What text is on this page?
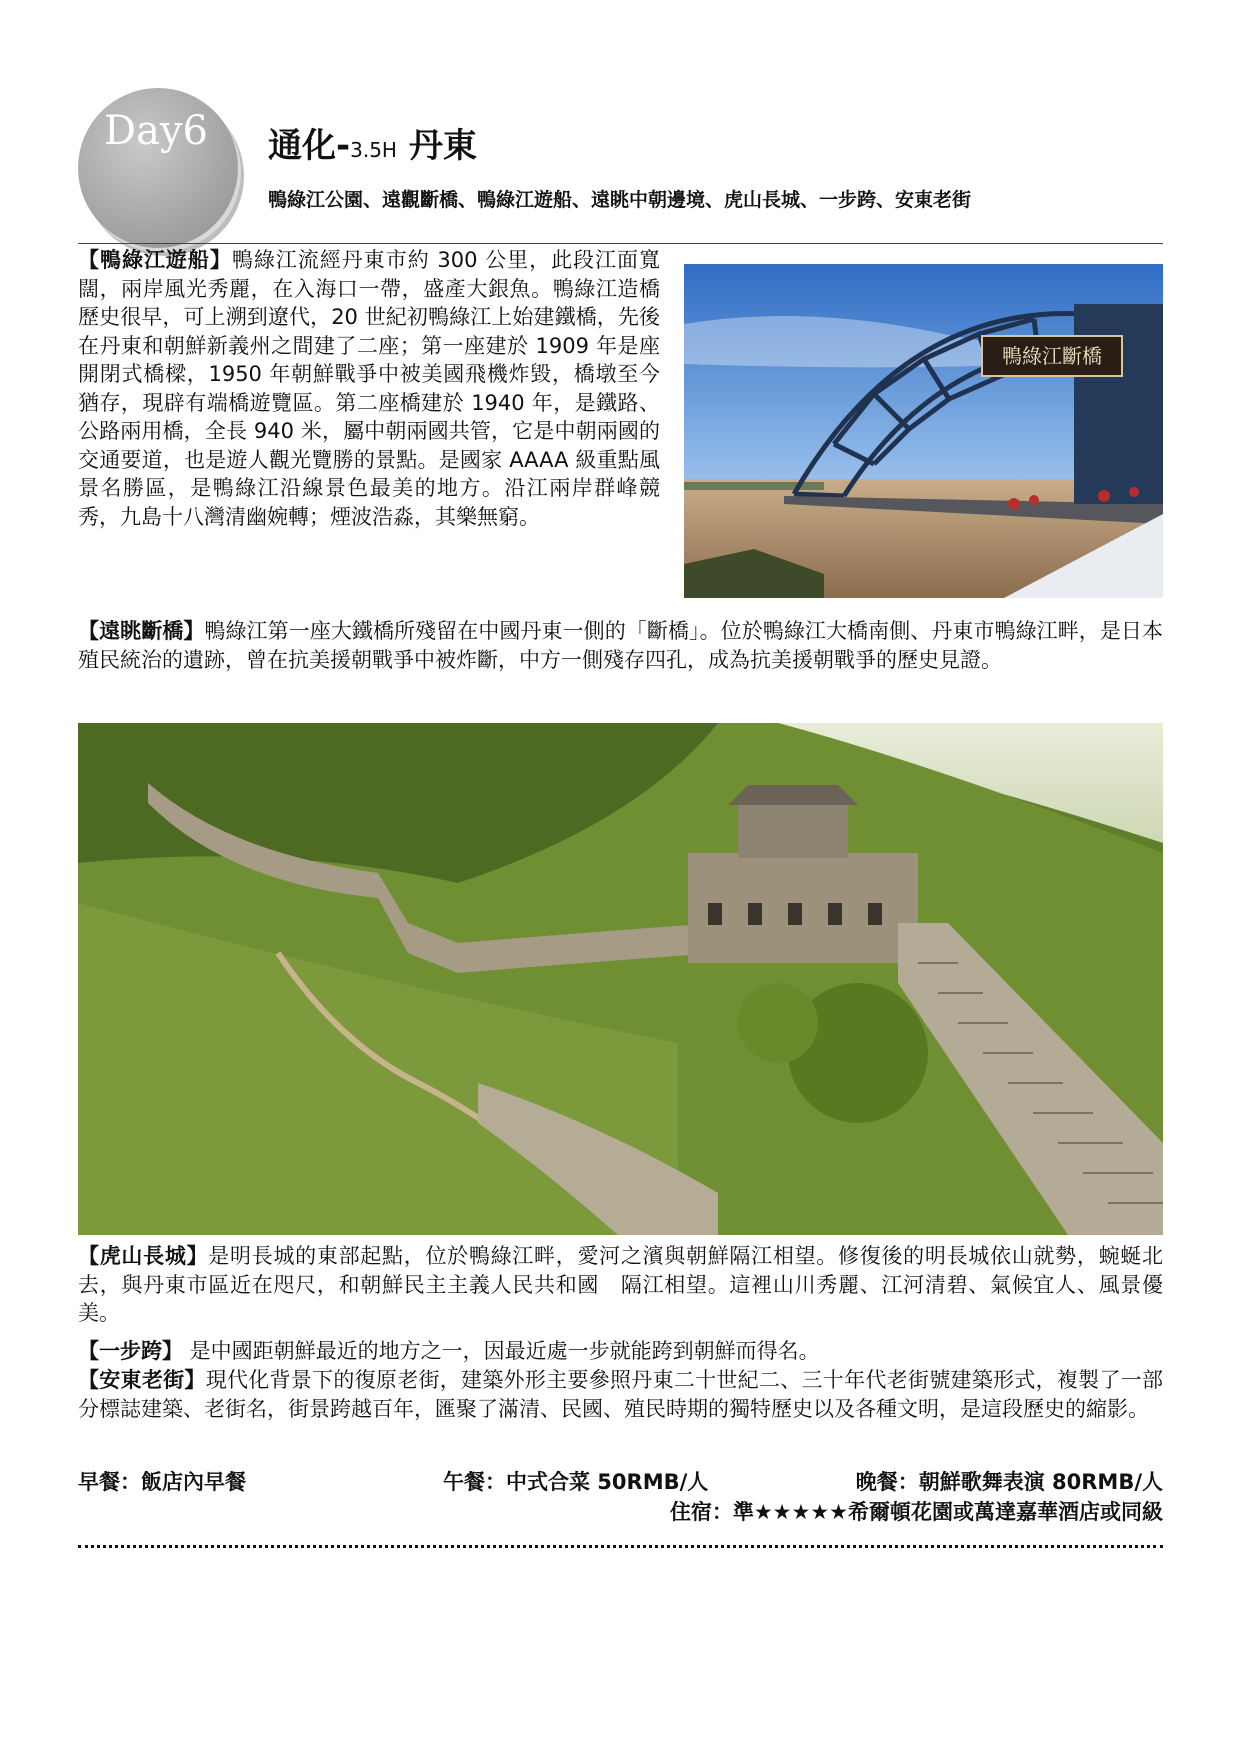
Day6 通化-3.5H 丹東
鴨綠江公園、遠觀斷橋、鴨綠江遊船、遠眺中朝邊境、虎山長城、一步跨、安東老街
【鴨綠江遊船】鴨綠江流經丹東市約 300 公里，此段江面寬闊，兩岸風光秀麗，在入海口一帶，盛產大銀魚。鴨綠江造橋歷史很早，可上溯到遼代，20 世紀初鴨綠江上始建鐵橋，先後在丹東和朝鮮新義州之間建了二座；第一座建於 1909 年是座開閉式橋樑，1950 年朝鮮戰爭中被美國飛機炸毀，橋墩至今猶存，現辟有端橋遊覽區。第二座橋建於 1940 年，是鐵路、公路兩用橋，全長 940 米，屬中朝兩國共管，它是中朝兩國的交通要道，也是遊人觀光覽勝的景點。是國家 AAAA 級重點風景名勝區，是鴨綠江沿線景色最美的地方。沿江兩岸群峰競秀，九島十八灣清幽婉轉；煙波浩淼，其樂無窮。
鴨綠江斷橋
【遠眺斷橋】鴨綠江第一座大鐵橋所殘留在中國丹東一側的「斷橋」。位於鴨綠江大橋南側、丹東市鴨綠江畔，是日本殖民統治的遺跡，曾在抗美援朝戰爭中被炸斷，中方一側殘存四孔，成為抗美援朝戰爭的歷史見證。
【虎山長城】是明長城的東部起點，位於鴨綠江畔，愛河之濱與朝鮮隔江相望。修復後的明長城依山就勢，蜿蜒北去，與丹東市區近在咫尺，和朝鮮民主主義人民共和國　隔江相望。這裡山川秀麗、江河清碧、氣候宜人、風景優美。
【一步跨】 是中國距朝鮮最近的地方之一，因最近處一步就能跨到朝鮮而得名。
【安東老街】現代化背景下的復原老街，建築外形主要參照丹東二十世紀二、三十年代老街號建築形式，複製了一部分標誌建築、老街名，街景跨越百年，匯聚了滿清、民國、殖民時期的獨特歷史以及各種文明，是這段歷史的縮影。
早餐：飯店內早餐	午餐：中式合菜 50RMB/人	晚餐：朝鮮歌舞表演 80RMB/人
住宿：準★★★★★希爾頓花園或萬達嘉華酒店或同級
